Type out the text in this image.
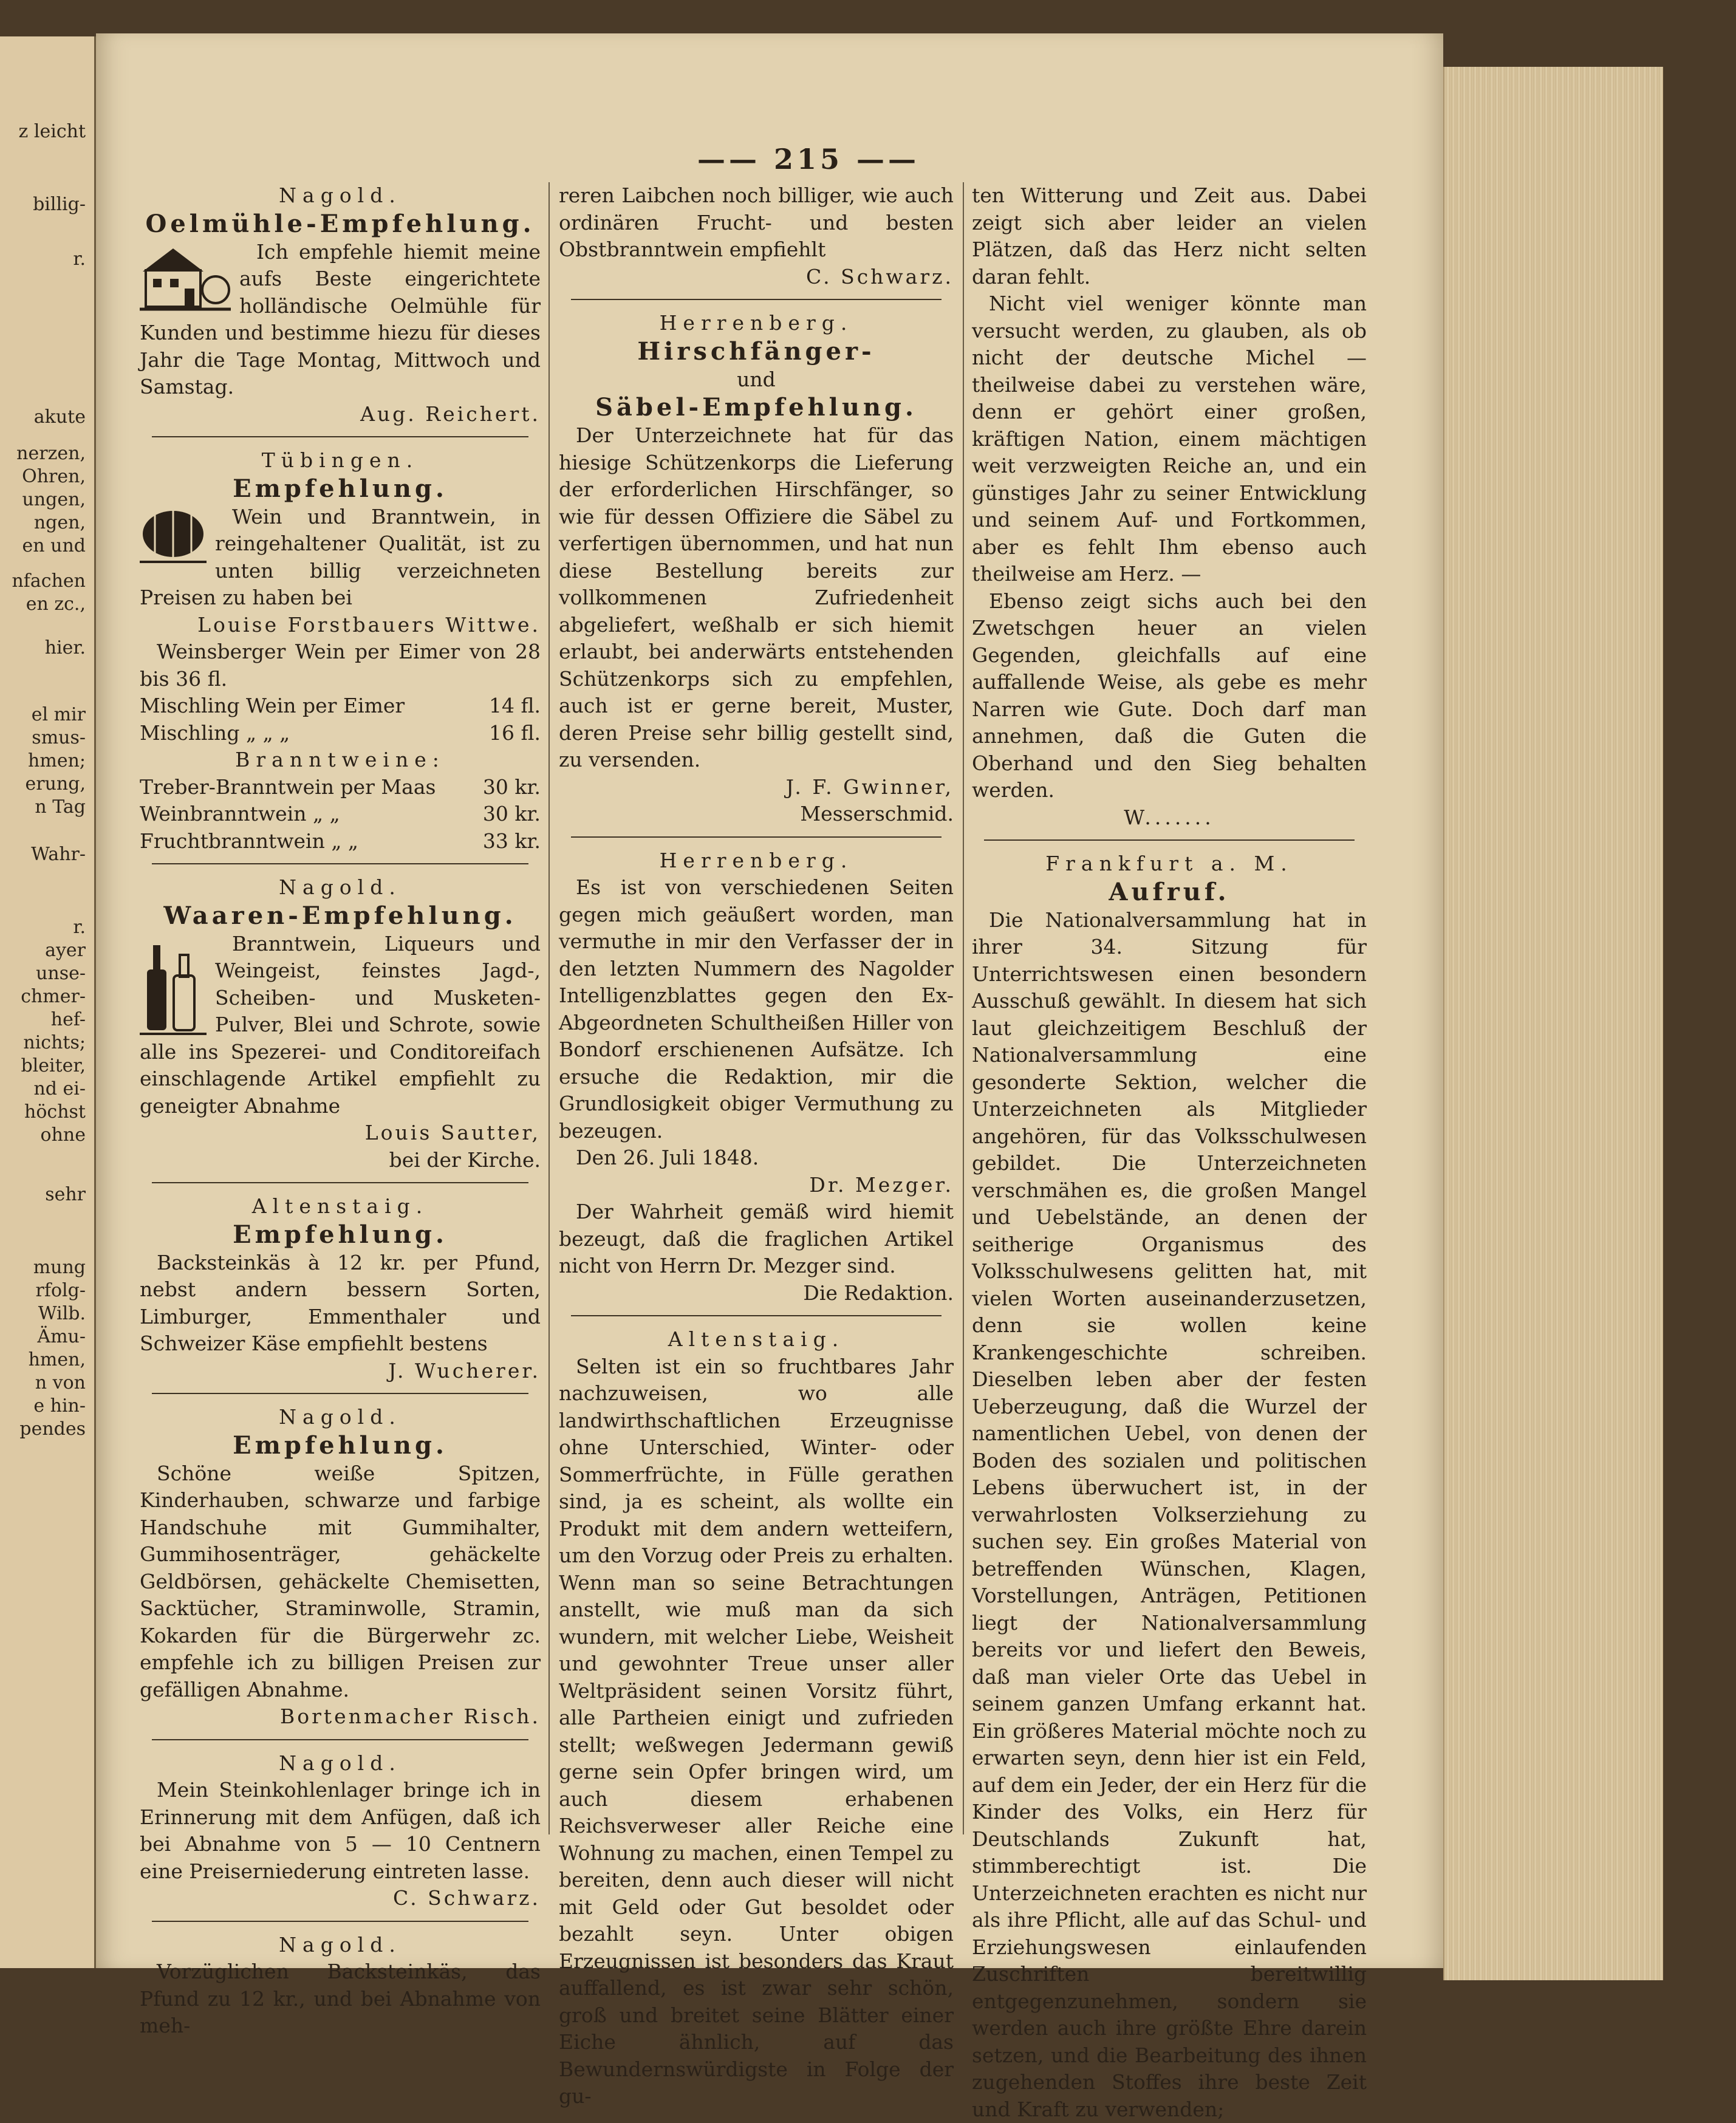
z leicht
billig-
r.
akute
nerzen,
Ohren,
ungen,
ngen,
en und
nfachen
en zc.,
hier.
el mir
smus-
hmen;
erung,
n Tag
Wahr-
r.
ayer
unse-
chmer-
hef-
nichts;
bleiter,
nd ei-
höchst
ohne
sehr
mung
rfolg-
Wilb.
Ämu-
hmen,
n von
e hin-
pendes
—— 215 ——
Nagold.
Oelmühle-Empfehlung.
Ich empfehle hiemit meine aufs Beste eingerichtete holländische Oelmühle für Kunden und bestimme hiezu für dieses Jahr die Tage Montag, Mittwoch und Samstag.
Aug. Reichert.
Tübingen.
Empfehlung.
Wein und Branntwein, in reingehaltener Qualität, ist zu unten billig verzeichneten Preisen zu haben bei
Louise Forstbauers Wittwe.
Weinsberger Wein per Eimer von 28 bis 36 fl.
Mischling Wein per Eimer	14 fl.
Mischling „ „ „	16 fl.
Branntweine:
Treber-Branntwein per Maas	30 kr.
Weinbranntwein „ „	30 kr.
Fruchtbranntwein „ „	33 kr.
Nagold.
Waaren-Empfehlung.
Branntwein, Liqueurs und Weingeist, feinstes Jagd-, Scheiben- und Musketen-Pulver, Blei und Schrote, sowie alle ins Spezerei- und Conditoreifach einschlagende Artikel empfiehlt zu geneigter Abnahme
Louis Sautter,
bei der Kirche.
Altenstaig.
Empfehlung.
Backsteinkäs à 12 kr. per Pfund, nebst andern bessern Sorten, Limburger, Emmenthaler und Schweizer Käse empfiehlt bestens
J. Wucherer.
Nagold.
Empfehlung.
Schöne weiße Spitzen, Kinderhauben, schwarze und farbige Handschuhe mit Gummihalter, Gummihosenträger, gehäckelte Geldbörsen, gehäckelte Chemisetten, Sacktücher, Straminwolle, Stramin, Kokarden für die Bürgerwehr zc. empfehle ich zu billigen Preisen zur gefälligen Abnahme.
Bortenmacher Risch.
Nagold.
Mein Steinkohlenlager bringe ich in Erinnerung mit dem Anfügen, daß ich bei Abnahme von 5 — 10 Centnern eine Preiserniederung eintreten lasse.
C. Schwarz.
Nagold.
Vorzüglichen Backsteinkäs, das Pfund zu 12 kr., und bei Abnahme von meh-
reren Laibchen noch billiger, wie auch ordinären Frucht- und besten Obstbranntwein empfiehlt
C. Schwarz.
Herrenberg.
Hirschfänger-
und
Säbel-Empfehlung.
Der Unterzeichnete hat für das hiesige Schützenkorps die Lieferung der erforderlichen Hirschfänger, so wie für dessen Offiziere die Säbel zu verfertigen übernommen, und hat nun diese Bestellung bereits zur vollkommenen Zufriedenheit abgeliefert, weßhalb er sich hiemit erlaubt, bei anderwärts entstehenden Schützenkorps sich zu empfehlen, auch ist er gerne bereit, Muster, deren Preise sehr billig gestellt sind, zu versenden.
J. F. Gwinner,
Messerschmid.
Herrenberg.
Es ist von verschiedenen Seiten gegen mich geäußert worden, man vermuthe in mir den Verfasser der in den letzten Nummern des Nagolder Intelligenzblattes gegen den Ex-Abgeordneten Schultheißen Hiller von Bondorf erschienenen Aufsätze. Ich ersuche die Redaktion, mir die Grundlosigkeit obiger Vermuthung zu bezeugen.
Den 26. Juli 1848.
Dr. Mezger.
Der Wahrheit gemäß wird hiemit bezeugt, daß die fraglichen Artikel nicht von Herrn Dr. Mezger sind.
Die Redaktion.
Altenstaig.
Selten ist ein so fruchtbares Jahr nachzuweisen, wo alle landwirthschaftlichen Erzeugnisse ohne Unterschied, Winter- oder Sommerfrüchte, in Fülle gerathen sind, ja es scheint, als wollte ein Produkt mit dem andern wetteifern, um den Vorzug oder Preis zu erhalten. Wenn man so seine Betrachtungen anstellt, wie muß man da sich wundern, mit welcher Liebe, Weisheit und gewohnter Treue unser aller Weltpräsident seinen Vorsitz führt, alle Partheien einigt und zufrieden stellt; weßwegen Jedermann gewiß gerne sein Opfer bringen wird, um auch diesem erhabenen Reichsverweser aller Reiche eine Wohnung zu machen, einen Tempel zu bereiten, denn auch dieser will nicht mit Geld oder Gut besoldet oder bezahlt seyn. Unter obigen Erzeugnissen ist besonders das Kraut auffallend, es ist zwar sehr schön, groß und breitet seine Blätter einer Eiche ähnlich, auf das Bewundernswürdigste in Folge der gu-
ten Witterung und Zeit aus. Dabei zeigt sich aber leider an vielen Plätzen, daß das Herz nicht selten daran fehlt.
Nicht viel weniger könnte man versucht werden, zu glauben, als ob nicht der deutsche Michel — theilweise dabei zu verstehen wäre, denn er gehört einer großen, kräftigen Nation, einem mächtigen weit verzweigten Reiche an, und ein günstiges Jahr zu seiner Entwicklung und seinem Auf- und Fortkommen, aber es fehlt Ihm ebenso auch theilweise am Herz. —
Ebenso zeigt sichs auch bei den Zwetschgen heuer an vielen Gegenden, gleichfalls auf eine auffallende Weise, als gebe es mehr Narren wie Gute. Doch darf man annehmen, daß die Guten die Oberhand und den Sieg behalten werden.
W.......
Frankfurt a. M.
Aufruf.
Die Nationalversammlung hat in ihrer 34. Sitzung für Unterrichtswesen einen besondern Ausschuß gewählt. In diesem hat sich laut gleichzeitigem Beschluß der Nationalversammlung eine gesonderte Sektion, welcher die Unterzeichneten als Mitglieder angehören, für das Volksschulwesen gebildet. Die Unterzeichneten verschmähen es, die großen Mangel und Uebelstände, an denen der seitherige Organismus des Volksschulwesens gelitten hat, mit vielen Worten auseinanderzusetzen, denn sie wollen keine Krankengeschichte schreiben. Dieselben leben aber der festen Ueberzeugung, daß die Wurzel der namentlichen Uebel, von denen der Boden des sozialen und politischen Lebens überwuchert ist, in der verwahrlosten Volkserziehung zu suchen sey. Ein großes Material von betreffenden Wünschen, Klagen, Vorstellungen, Anträgen, Petitionen liegt der Nationalversammlung bereits vor und liefert den Beweis, daß man vieler Orte das Uebel in seinem ganzen Umfang erkannt hat. Ein größeres Material möchte noch zu erwarten seyn, denn hier ist ein Feld, auf dem ein Jeder, der ein Herz für die Kinder des Volks, ein Herz für Deutschlands Zukunft hat, stimmberechtigt ist. Die Unterzeichneten erachten es nicht nur als ihre Pflicht, alle auf das Schul- und Erziehungswesen einlaufenden Zuschriften bereitwillig entgegenzunehmen, sondern sie werden auch ihre größte Ehre darein setzen, und die Bearbeitung des ihnen zugehenden Stoffes ihre beste Zeit und Kraft zu verwenden;
